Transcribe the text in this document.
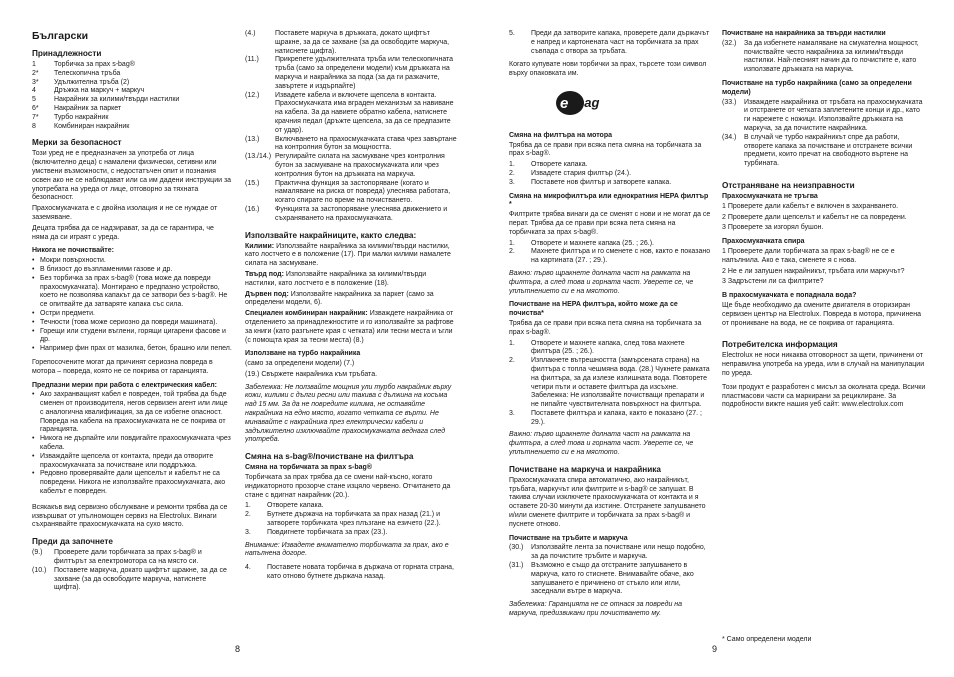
Български
Принадлежности
1	Торбичка за прах s-bag®
2*	Телескопична тръба
3*	Удължителна тръба (2)
4	Дръжка на маркуч + маркуч
5	Накрайник за килими/твърди настилки
6*	Накрайник за паркет
7*	Турбо накрайник
8	Комбиниран накрайник
Мерки за безопасност

Този уред не е предназначен за употреба от лица (включително деца) с намалени физически, сетивни или умствени възможности, с недостатъчен опит и познания освен ако не се наблюдават или са им дадени инструкции за употребата на уреда от лице, отговорно за тяхната безопасност.

Прахосмукачката е с двойна изолация и не се нуждае от заземяване.

Децата трябва да се надзирават, за да се гарантира, че няма да си играят с уреда.

Никога не почиствайте:
• Мокри повърхности.
• В близост до възпламеними газове и др.
• Без торбичка за прах s-bag® (това може да повреди прахосмукачката). Монтирано е предпазно устройство, което не позволява капакът да се затвори без s-bag®. Не се опитвайте да затваряте капака със сила.
• Остри предмети.
• Течности (това може сериозно да повреди машината).
• Горещи или студени въглени, горящи цигарени фасове и др.
• Например фин прах от мазилка, бетон, брашно или пепел.

Горепосочените могат да причинят сериозна повреда в мотора – повреда, която не се покрива от гаранцията.

Предпазни мерки при работа с електрическия кабел:
• Ако захранващият кабел е повреден, той трябва да бъде сменен от производителя, негов сервизен агент или лице с аналогична квалификация, за да се избегне опасност.
Повреда на кабела на прахосмукачката не се покрива от гаранцията.
• Никога не дърпайте или повдигайте прахосмукачката чрез кабела.
• Изваждайте щепсела от контакта, преди да отворите прахосмукачката за почистване или поддръжка.
• Редовно проверявайте дали щепселът и кабелът не са повредени. Никога не използвайте прахосмукачката, ако кабелът е повреден.

Всякакъв вид сервизно обслужване и ремонти трябва да се извършват от упълномощен сервиз на Electrolux. Винаги съхранявайте прахосмукачката на сухо място.

Преди да започнете
(9.)	Проверете дали торбичката за прах s-bag® и филтърът за електромотора са на място си.
(10.)	Поставете маркуча, докато щифтът щракне, за да се захване (за да освободите маркуча, натиснете щифта).
(4.)	Поставете маркуча в дръжката, докато щифтът щракне, за да се захване (за да освободите маркуча, натиснете щифта).
(11.)	Прикрепете удължителната тръба или телескопичната тръба (само за определени модели) към дръжката на маркуча и накрайника за пода (за да ги разкачите, завъртете и издърпайте)
(12.)	Извадете кабела и включете щепсела в контакта. Прахосмукачката има вграден механизъм за навиване на кабела. За да навиете обратно кабела, натиснете крачния педал (дръжте щепсела, за да се предпазите от удар).
(13.)	Включването на прахосмукачката става чрез завъртане на контролния бутон за мощността.
(13./14.) Регулирайте силата на засмукване чрез контролния бутон за засмукване на прахосмукачката или чрез контролния бутон на дръжката на маркуча.
(15.)	Практична функция за застопоряване (когато и намаляване на риска от повреда) улеснява работата, когато спирате по време на почистването.
(16.)	Функцията за застопоряване улеснява движението и съхраняването на прахосмукачката.
Използвайте накрайниците, както следва:

Килими: Използвайте накрайника за килими/твърди настилки, като лостчето е в положение (17). При малки килими намалете силата на засмукване.

Твърд под: Използвайте накрайника за килими/твърди настилки, като лостчето е в положение (18).

Дървен под: Използвайте накрайника за паркет (само за определени модели, 6).

Специален комбиниран накрайник: Изваждете накрайника от отделението за принадлежностите и го използвайте за рафтове за книги (като разгънете края с четката) или тесни места и ъгли (с помощта края за тесни места) (8.)

Използване на турбо накрайника

(само за определени модели) (7.)

(19.) Свържете накрайника към тръбата.

Забележка: Не ползвайте мощния ули турбо накрайник върху кожи, килими с дълги ресни или такива с дължина на косъма над 15 мм. За да не повредите килима, не оставяйте накрайника на едно място, когато четката се върти. Не минавайте с накрайника през електрически кабели и задължително изключвайте прахосмукачката веднага след употреба.

Смяна на s-bag®/почистване на филтъра
Смяна на торбичката за прах s-bag®

Торбичката за прах трябва да се смени най-късно, когато индикаторното прозорче стане изцяло червено. Отчитането да стане с вдигнат накрайник (20.).

1.	Отворете капака.
2.	Бутнете държача на торбичката за прах назад (21.) и затворете торбичката чрез плъзгане на езичето (22.).
3.	Повдигнете торбичката за прах (23.).

Внимание: Извадете внимателно торбичката за прах, ако е напълнена догоре.

4.	Поставете новата торбичка в държача от горната страна, като отново бутнете държача назад.
5.	Преди да затворите капака, проверете дали държачът е напред и картонената част на торбичката за прах съвпада с отвора за тръбата.

Когато купувате нови торбички за прах, търсете този символ върху опаковката им.

e -bag
Смяна на филтъра на мотора

Трябва да се прави при всяка пета смяна на торбичката за прах s-bag®.

1.	Отворете капака.
2.	Извадете стария филтър (24.).
3.	Поставете нов филтър и затворете капака.
Смяна на микрофилтъра или еднократния HEPA филтър *

Филтрите трябва винаги да се сменят с нови и не могат да се перат. Трябва да се прави при всяка пета смяна на торбичката за прах s-bag®.

1.	Отворете и махнете капака (25. ; 26.).
2.	Махнете филтъра и го сменете с нов, както е показано на картината (27. ; 29.).

Важно: първо щракнете долната част на рамката на филтъра, а след това и горната част. Уверете се, че уплътнението си е на мястото.

Почистване на HEPA филтъра, който може да се почиства*

Трябва да се прави при всяка пета смяна на торбичката за прах s-bag®.

1.	Отворете и махнете капака, след това махнете филтъра (25. ; 26.).
2.	Изплакнете вътрешността (замърсената страна) на филтъра с топла чешмяна вода. (28.) Чукнете рамката на филтъра, за да излезе излишната вода. Повторете четири пъти и оставете филтъра да изсъхне. Забележка: Не използвайте почистващи препарати и не пипайте чувствителната повърхност на филтъра.
3.	Поставете филтъра и капака, както е показано (27. ; 29.).

Важно: първо щракнете долната част на рамката на филтъра, а след това и горната част. Уверете се, че уплътнението си е на мястото.

Почистване на маркуча и накрайника

Прахосмукачката спира автоматично, ако накрайникът, тръбата, маркучът или филтрите и s-bag® се запушат. В такива случаи изключете прахосмукачката от контакта и я оставете 20-30 минути да изстине. Отстранете запушването и/или сменете филтрите и торбичката за прах s-bag® и пуснете отново.

Почистване на тръбите и маркуча
(30.)	Използвайте лента за почистване или нещо подобно, за да почистите тръбите и маркуча.
(31.)	Възможно е също да отстраните запушването в маркуча, като го стиснете. Внимавайте обаче, ако запушването е причинено от стъкло или игли, заседнали вътре в маркуча.

Забележка: Гаранцията не се отнася за повреди на маркуча, предизвикани при почистването му.

Почистване на накрайника за твърди настилки
(32.)	За да избегнете намаляване на смукателна мощност, почиствайте често накрайника за килими/твърди настилки. Най-лесният начин да го почистите е, като използвате дръжката на маркуча.
Почистване на турбо накрайника (само за определени модели)
(33.)	Изваждете накрайника от тръбата на прахосмукачката и отстранете от четката заплетените конци и др., като ги нарежете с ножици. Използвайте дръжката на маркуча, за да почистите накрайника.
(34.)	В случай че турбо накрайникът спре да работи, отворете капака за почистване и отстранете всички предмети, които пречат на свободното въртене на турбината.
Отстраняване на неизправности
Прахосмукачката не тръгва

1 Проверете дали кабелът е включен в захранването.

2 Проверете дали щепселът и кабелът не са повредени.

3 Проверете за изгорял бушон.

Прахосмукачката спира

1 Проверете дали торбичката за прах s-bag® не се е напълнила. Ако е така, сменете я с нова.

2 Не е ли запушен накрайникът, тръбата или маркучът?

3 Задръстени ли са филтрите?

В прахосмукачката е попаднала вода?

Ще бъде необходимо да смените двигателя в оторизиран сервизен център на Electrolux. Повреда в мотора, причинена от проникване на вода, не се покрива от гаранцията.

Потребителска информация

Electrolux не носи никаква отговорност за щети, причинени от неправилна употреба на уреда, или в случай на манипулации по уреда.

Този продукт е разработен с мисъл за околната среда. Всички пластмасови части са маркирани за рециклиране. За подробности вижте нашия уеб сайт: www.electrolux.com

* Само определени модели
8	9
